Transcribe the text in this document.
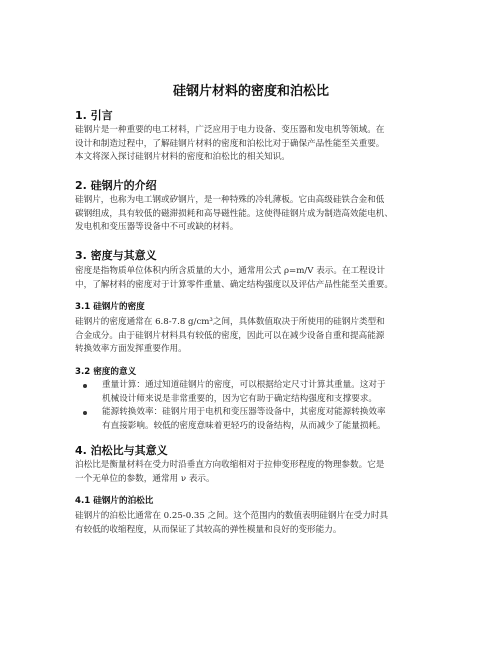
硅钢片材料的密度和泊松比
1. 引言
硅钢片是一种重要的电工材料，广泛应用于电力设备、变压器和发电机等领域。在
设计和制造过程中，了解硅钢片材料的密度和泊松比对于确保产品性能至关重要。
本文将深入探讨硅钢片材料的密度和泊松比的相关知识。
2. 硅钢片的介绍
硅钢片，也称为电工钢或矽钢片，是一种特殊的冷轧薄板。它由高级硅铁合金和低
碳钢组成，具有较低的磁滞损耗和高导磁性能。这使得硅钢片成为制造高效能电机、
发电机和变压器等设备中不可或缺的材料。
3. 密度与其意义
密度是指物质单位体积内所含质量的大小，通常用公式 ρ=m/V 表示。在工程设计
中，了解材料的密度对于计算零件重量、确定结构强度以及评估产品性能至关重要。
3.1 硅钢片的密度
硅钢片的密度通常在 6.8-7.8 g/cm³之间，具体数值取决于所使用的硅钢片类型和
合金成分。由于硅钢片材料具有较低的密度，因此可以在减少设备自重和提高能源
转换效率方面发挥重要作用。
3.2 密度的意义
重量计算：通过知道硅钢片的密度，可以根据给定尺寸计算其重量。这对于
机械设计师来说是非常重要的，因为它有助于确定结构强度和支撑要求。
能源转换效率：硅钢片用于电机和变压器等设备中，其密度对能源转换效率
有直接影响。较低的密度意味着更轻巧的设备结构，从而减少了能量损耗。
4. 泊松比与其意义
泊松比是衡量材料在受力时沿垂直方向收缩相对于拉伸变形程度的物理参数。它是
一个无单位的参数，通常用 ν 表示。
4.1 硅钢片的泊松比
硅钢片的泊松比通常在 0.25-0.35 之间。这个范围内的数值表明硅钢片在受力时具
有较低的收缩程度，从而保证了其较高的弹性模量和良好的变形能力。
